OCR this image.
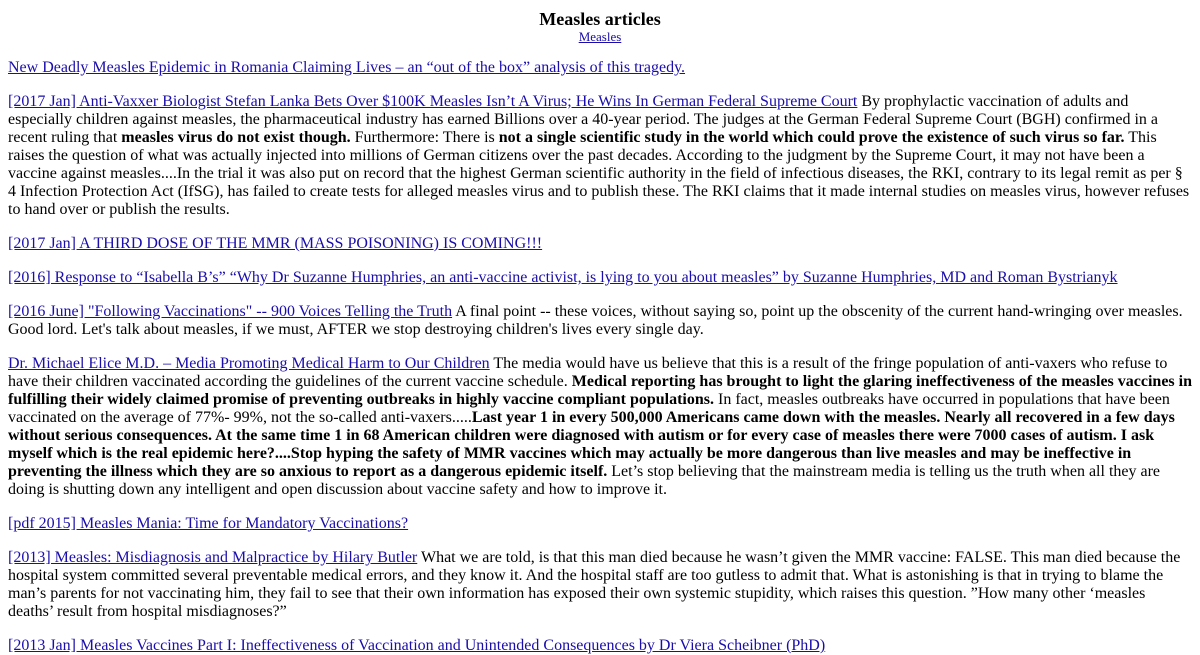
Measles articles
Measles

New Deadly Measles Epidemic in Romania Claiming Lives – an “out of the box” analysis of this tragedy.

[2017 Jan] Anti-Vaxxer Biologist Stefan Lanka Bets Over $100K Measles Isn’t A Virus; He Wins In German Federal Supreme Court By prophylactic vaccination of adults and especially children against measles, the pharmaceutical industry has earned Billions over a 40-year period. The judges at the German Federal Supreme Court (BGH) confirmed in a recent ruling that measles virus do not exist though. Furthermore: There is not a single scientific study in the world which could prove the existence of such virus so far. This raises the question of what was actually injected into millions of German citizens over the past decades. According to the judgment by the Supreme Court, it may not have been a vaccine against measles....In the trial it was also put on record that the highest German scientific authority in the field of infectious diseases, the RKI, contrary to its legal remit as per § 4 Infection Protection Act (IfSG), has failed to create tests for alleged measles virus and to publish these. The RKI claims that it made internal studies on measles virus, however refuses to hand over or publish the results.

[2017 Jan] A THIRD DOSE OF THE MMR (MASS POISONING) IS COMING!!!

[2016] Response to “Isabella B’s” “Why Dr Suzanne Humphries, an anti-vaccine activist, is lying to you about measles” by Suzanne Humphries, MD and Roman Bystrianyk

[2016 June] "Following Vaccinations" -- 900 Voices Telling the Truth A final point -- these voices, without saying so, point up the obscenity of the current hand-wringing over measles. Good lord. Let's talk about measles, if we must, AFTER we stop destroying children's lives every single day.

Dr. Michael Elice M.D. – Media Promoting Medical Harm to Our Children The media would have us believe that this is a result of the fringe population of anti-vaxers who refuse to have their children vaccinated according the guidelines of the current vaccine schedule. Medical reporting has brought to light the glaring ineffectiveness of the measles vaccines in fulfilling their widely claimed promise of preventing outbreaks in highly vaccine compliant populations. In fact, measles outbreaks have occurred in populations that have been vaccinated on the average of 77%- 99%, not the so-called anti-vaxers.....Last year 1 in every 500,000 Americans came down with the measles. Nearly all recovered in a few days without serious consequences. At the same time 1 in 68 American children were diagnosed with autism or for every case of measles there were 7000 cases of autism. I ask myself which is the real epidemic here?....Stop hyping the safety of MMR vaccines which may actually be more dangerous than live measles and may be ineffective in preventing the illness which they are so anxious to report as a dangerous epidemic itself. Let’s stop believing that the mainstream media is telling us the truth when all they are doing is shutting down any intelligent and open discussion about vaccine safety and how to improve it.

[pdf 2015] Measles Mania: Time for Mandatory Vaccinations?

[2013] Measles: Misdiagnosis and Malpractice by Hilary Butler What we are told, is that this man died because he wasn’t given the MMR vaccine: FALSE. This man died because the hospital system committed several preventable medical errors, and they know it. And the hospital staff are too gutless to admit that. What is astonishing is that in trying to blame the man’s parents for not vaccinating him, they fail to see that their own information has exposed their own systemic stupidity, which raises this question. ”How many other ‘measles deaths’ result from hospital misdiagnoses?”

[2013 Jan] Measles Vaccines Part I: Ineffectiveness of Vaccination and Unintended Consequences by Dr Viera Scheibner (PhD)
